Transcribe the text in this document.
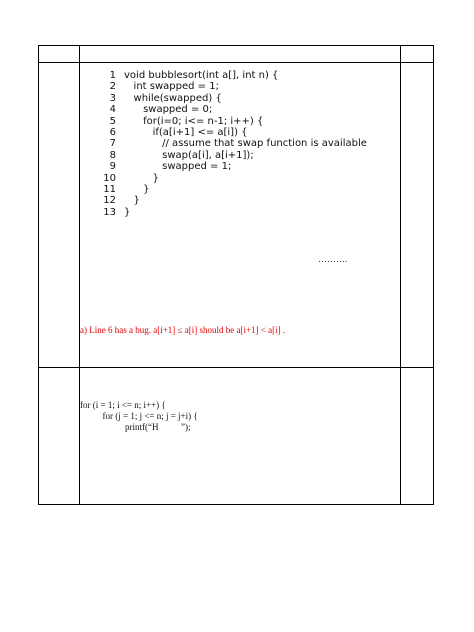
1 void bubblesort(int a[], int n) {
2 int swapped = 1;
3 while(swapped) {
4 swapped = 0;
5 for(i=0; i<= n-1; i++) {
6 if(a[i+1] <= a[i]) {
7 // assume that swap function is available
8 swap(a[i], a[i+1]);
9 swapped = 1;
10 }
11 }
12 }
13 }
……….
a) Line 6 has a bug. a[i+1] ≤ a[i] should be a[i+1] < a[i] .
for (i = 1; i <= n; i++) {
for (j = 1; j <= n; j = j+i) {
printf(“H          ”);
